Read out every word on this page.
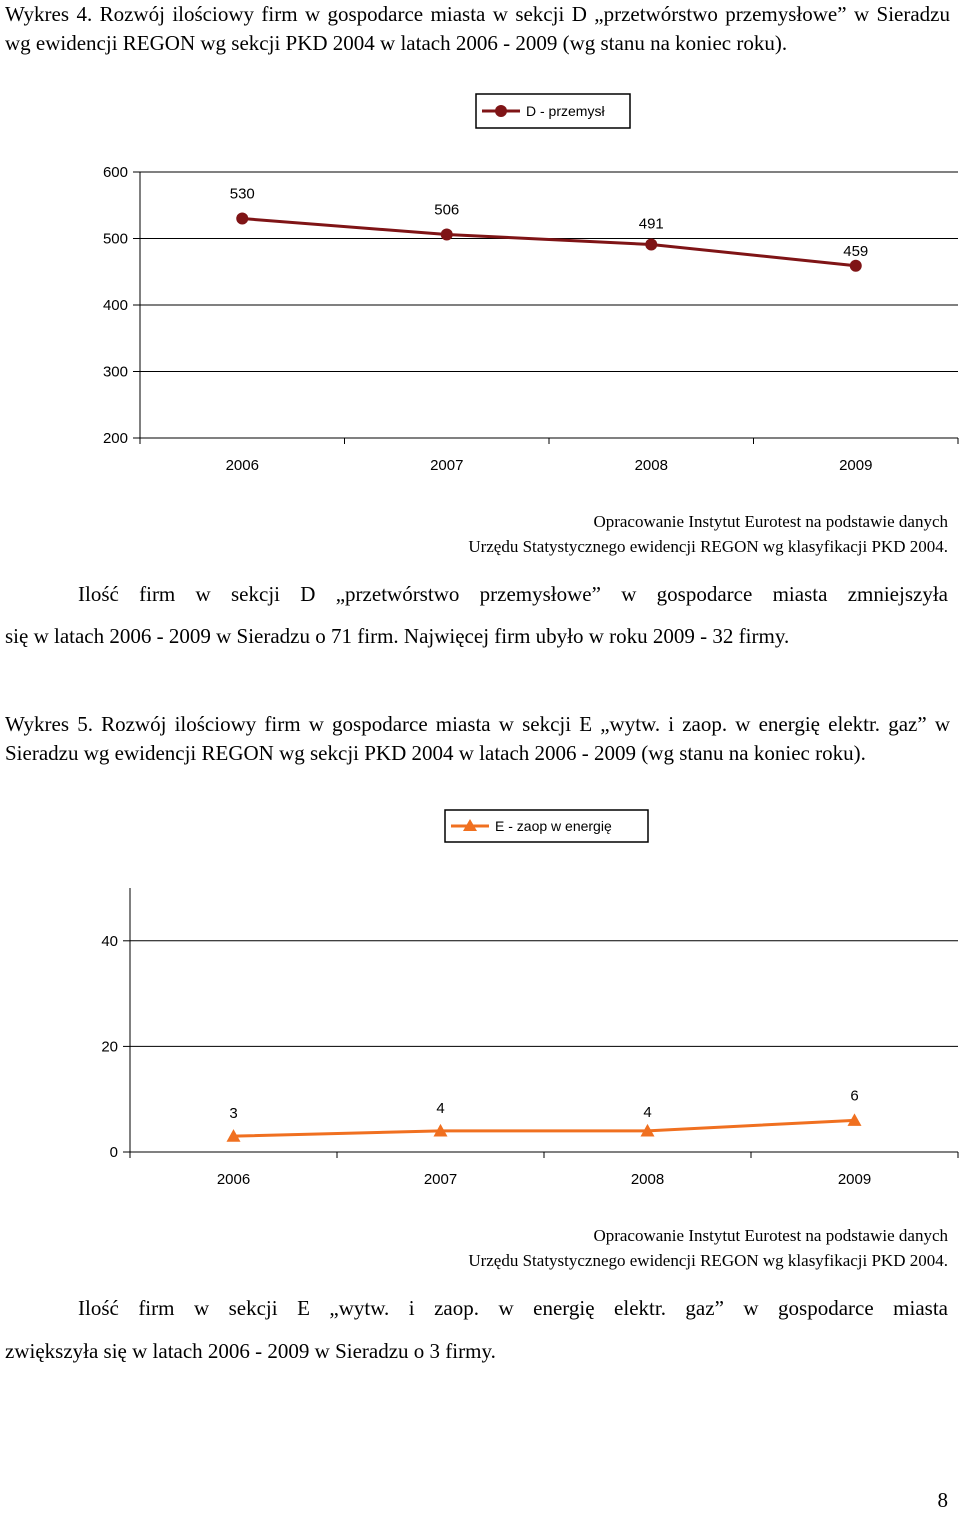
Wykres 4. Rozwój ilościowy firm w gospodarce miasta w sekcji D „przetwórstwo przemysłowe” w Sieradzu wg ewidencji REGON wg sekcji PKD 2004 w latach 2006 - 2009 (wg stanu na koniec roku).

200
300
400
500
600
2006	2007	2008	2009
530
506
491
459
D - przemysł

Opracowanie Instytut Eurotest na podstawie danych
Urzędu Statystycznego ewidencji REGON wg klasyfikacji PKD 2004.

Ilość firm w sekcji D „przetwórstwo przemysłowe” w gospodarce miasta zmniejszyła

się w latach 2006 - 2009 w Sieradzu o 71 firm. Najwięcej firm ubyło w roku 2009 - 32 firmy.

Wykres 5. Rozwój ilościowy firm w gospodarce miasta w sekcji E „wytw. i zaop. w energię elektr. gaz” w Sieradzu wg ewidencji REGON wg sekcji PKD 2004 w latach 2006 - 2009 (wg stanu na koniec roku).

0
20
40
2006	2007	2008	2009
3	4	4
6
E - zaop w energię

Opracowanie Instytut Eurotest na podstawie danych
Urzędu Statystycznego ewidencji REGON wg klasyfikacji PKD 2004.

Ilość firm w sekcji E „wytw. i zaop. w energię elektr. gaz” w gospodarce miasta

zwiększyła się w latach 2006 - 2009 w Sieradzu o 3 firmy.

8
